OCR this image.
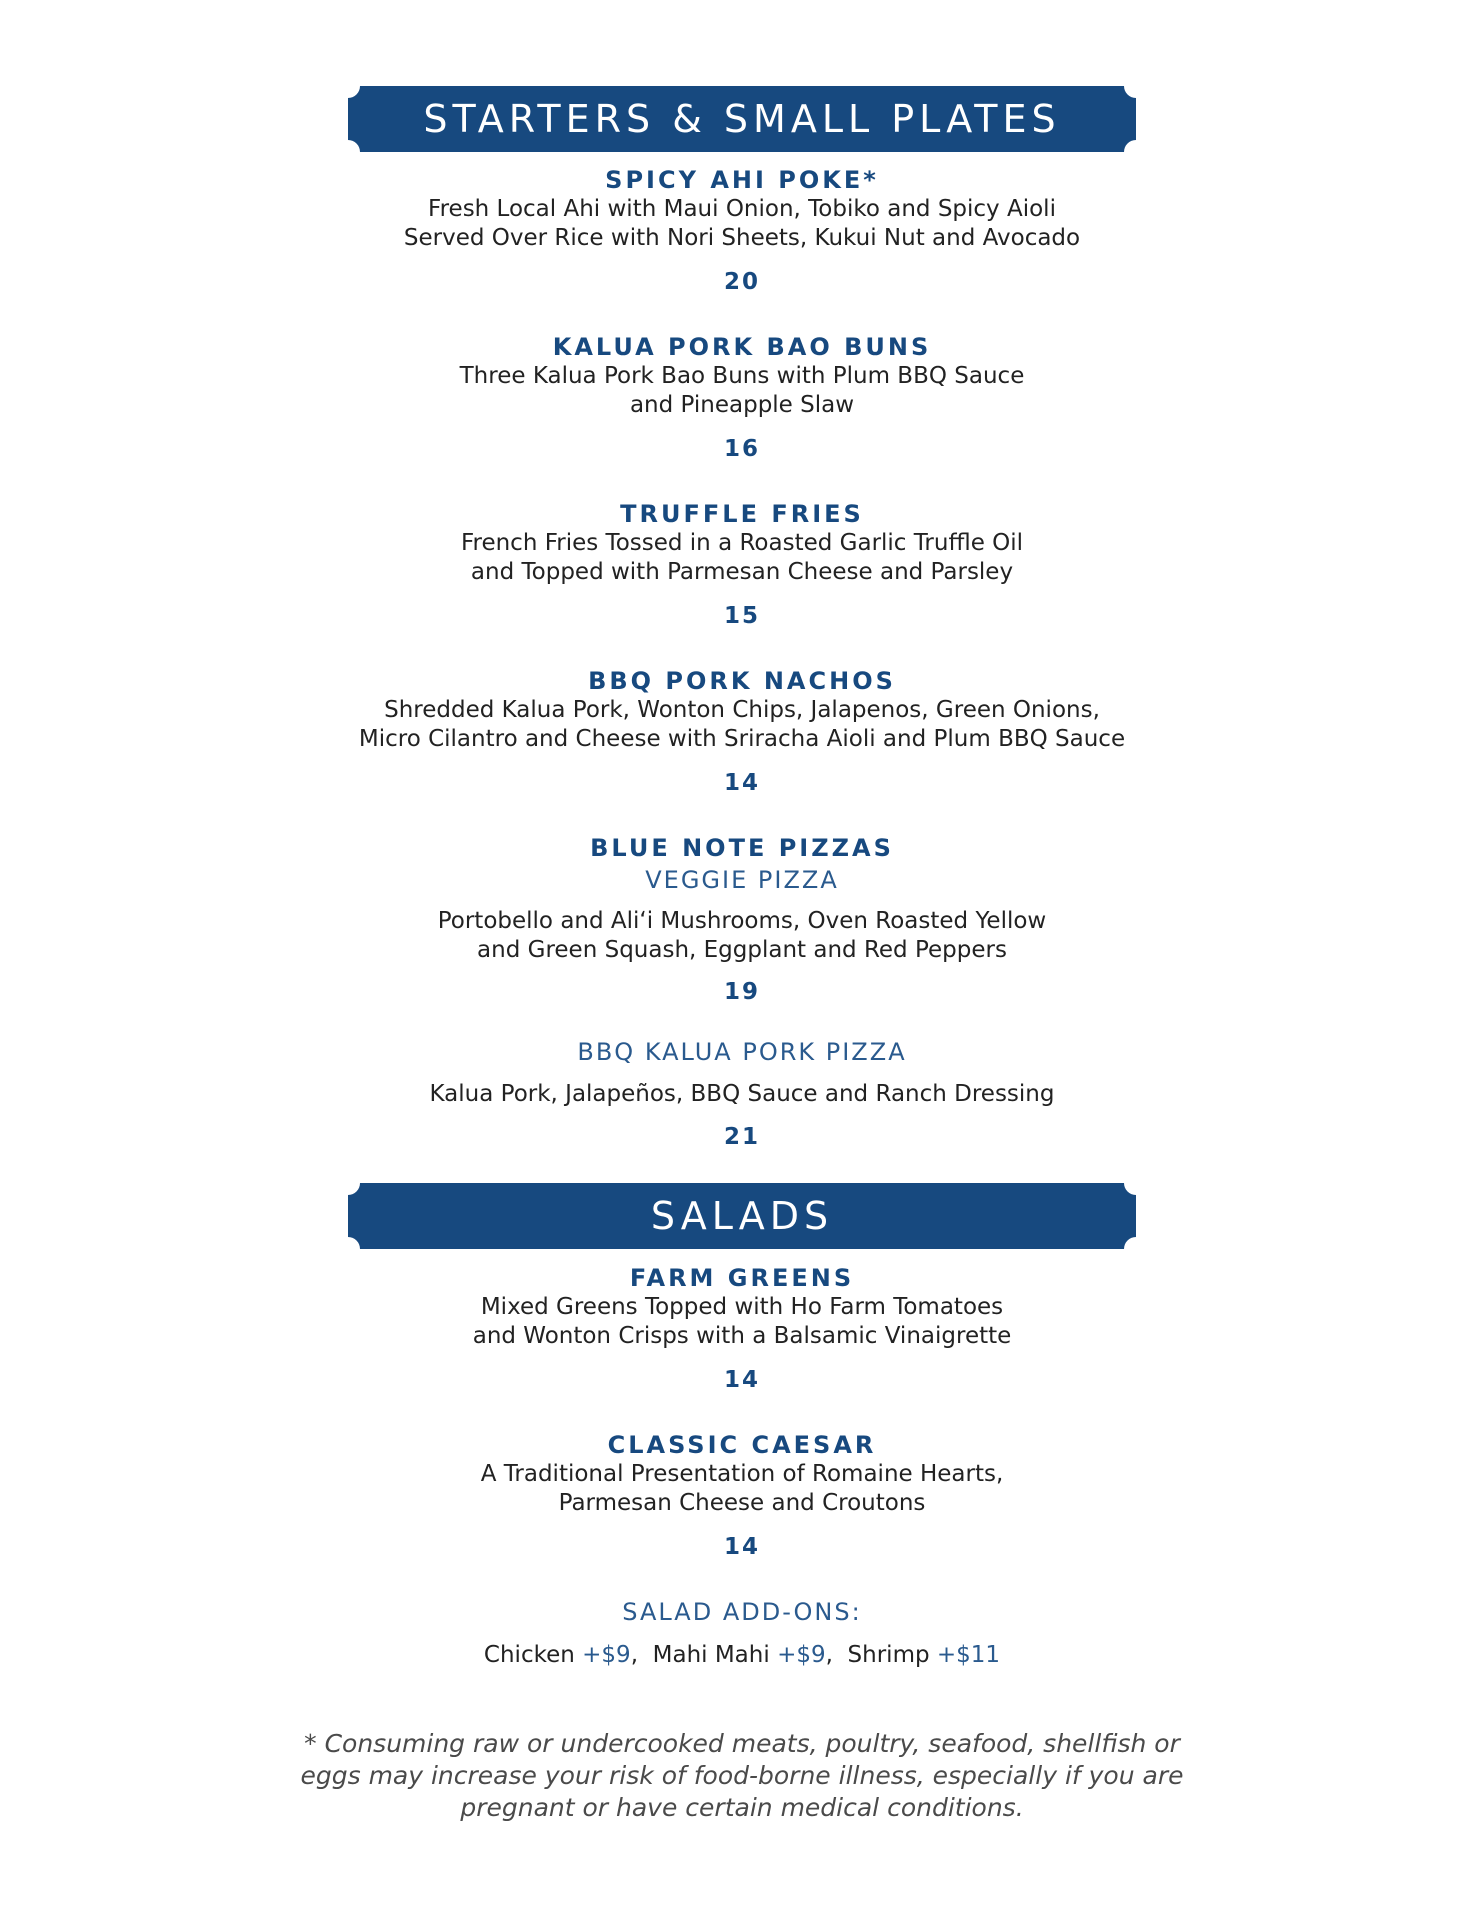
STARTERS & SMALL PLATES
SPICY AHI POKE*
Fresh Local Ahi with Maui Onion, Tobiko and Spicy Aioli
Served Over Rice with Nori Sheets, Kukui Nut and Avocado
20
KALUA PORK BAO BUNS
Three Kalua Pork Bao Buns with Plum BBQ Sauce
and Pineapple Slaw
16
TRUFFLE FRIES
French Fries Tossed in a Roasted Garlic Truffle Oil
and Topped with Parmesan Cheese and Parsley
15
BBQ PORK NACHOS
Shredded Kalua Pork, Wonton Chips, Jalapenos, Green Onions,
Micro Cilantro and Cheese with Sriracha Aioli and Plum BBQ Sauce
14
BLUE NOTE PIZZAS
VEGGIE PIZZA
Portobello and Aliʻi Mushrooms, Oven Roasted Yellow
and Green Squash, Eggplant and Red Peppers
19
BBQ KALUA PORK PIZZA
Kalua Pork, Jalapeños, BBQ Sauce and Ranch Dressing
21
SALADS
FARM GREENS
Mixed Greens Topped with Ho Farm Tomatoes
and Wonton Crisps with a Balsamic Vinaigrette
14
CLASSIC CAESAR
A Traditional Presentation of Romaine Hearts,
Parmesan Cheese and Croutons
14
SALAD ADD-ONS:
Chicken +$9,  Mahi Mahi +$9,  Shrimp +$11
* Consuming raw or undercooked meats, poultry, seafood, shellfish or
eggs may increase your risk of food-borne illness, especially if you are
pregnant or have certain medical conditions.
